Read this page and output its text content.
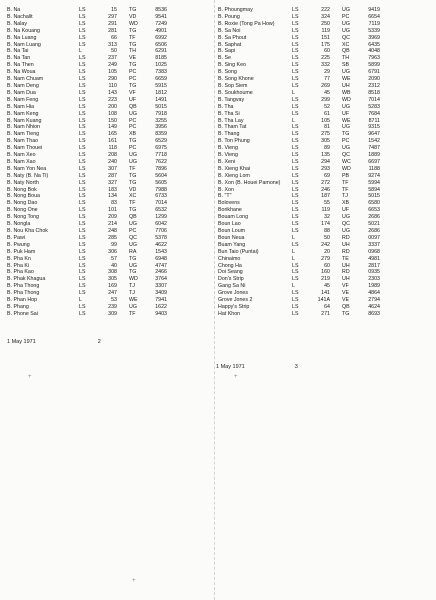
B. Na	LS	15 TG	8536
B. Nachalit	LS	297 VD	9541
B. Nalay	LS	291 WD	7249
B. Na Kouang	LS	281 TG	4901
B. Na Luang	LS	66 TF	6992
B. Nam Luang	LS	313 TG	6506
B. Na Tai	L	50 TH	6291
B. Na Tan	LS	237 VE	8185
B. Na Then	LS	249 TG	1025
B. Na Woua	LS	105 PC	7383
B. Nam Chuam	LS	290 PC	6659
B. Nam Deng	LS	110 TG	5915
B. Nam Dua	LS	143 VF	1812
B. Nam Feng	LS	223 UF	1491
B. Nam Hia	LS	200 QB	5015
B. Nam Keng	LS	108 UG	7918
B. Nam Kuang	LS	150 PC	3255
B. Nam Nhion	LS	149 PC	3956
B. Nam Tieng	LS	165 XB	8359
B. Nam Thao	LS	161 TG	6529
B. Nam Thouei	LS	118 PC	6975
B. Nam Xeo	LS	208 UG	7718
B. Nam Xao	LS	240 UG	7622
B. Nam Yon Nea	LS	307 TF	7896
B. Naty (B. Na Ti)	LS	287 TG	5604
B. Naty North	LS	327 TG	5605
B. Nong Bok	LS	183 VD	7988
B. Nong Boua	LS	134 XC	6733
B. Nong Dao	LS	83 TF	7014
B. Nong One	LS	101 TG	6532
B. Nong Tong	LS	209 QB	1299
B. Nongla	LS	214 UG	6042
B. Nou Kha Chok	LS	248 PC	7706
B. Pawi	LS	285 QC	5378
B. Pwung	LS	99 UG	4622
B. Puk Ham	LS	306 RA	1543
B. Pha Kn	LS	57 TG	6948
B. Pha Ki	LS	40 UG	4747
B. Pha Kao	LS	308 TG	2466
B. Phak Khagua	LS	305 WD	3764
B. Pha Thong	LS	169 TJ	3307
B. Pha Thong	LS	247 TJ	3409
B. Phan Hop	L	53 WE	7941
B. Phang	LS	239 UG	1622
B. Phone Sai	LS	309 TF	9403
B. Phoungmay	LS	222 UG	9419
B. Poung	LS	324 PC	6654
B. Roxie (Tong Pa How)	LS	250 UG	7119
B. Sa Noi	LS	119 UG	5339
B. Sa Phout	LS	151 QC	3969
B. Saphat	LS	175 XC	6435
B. Sapi	LS	60 QB	4048
B. Se	LS	225 TH	7963
B. Sing Keo	LS	332 SB	5899
B. Song	LS	29 UG	6791
B. Song Khone	LS	77 WE	2090
B. Sop Siem	LS	269 UH	2312
B. Soukhoume	L	45 WB	8518
B. Tangvay	LS	299 WD	7014
B. Tha	LS	52 UG	5283
B. Tha Si	LS	61 UF	7684
B. Tha Lay	L	105 WE	8711
B. Tham Tat	LS	81 UG	9315
B. Thang	LS	275 TG	9647
B. Ton Phung	LS	305 PC	1542
B. Vieng	LS	89 UG	7487
B. Vieng	LS	135 QC	1889
B. Xeni	LS	294 WC	6697
B. Xieng Khai	LS	293 WD	1188
B. Xieng Lom	LS	69 PB	9274
B. Xon (B. Houei Pamone) LS	272 TF	5994
B. Xon	LS	246 TF	5894
B. "T"	LS	187 TJ	5015
Bolovens	LS	55 XB	6580
Borikhane	LS	119 UF	6653
Bouam Long	LS	32 UG	2686
Boun Lao	LS	174 QC	5021
Boun Loum	LS	88 UG	2686
Boun Neua	L	50 RD	0097
Buam Yang	LS	242 UH	3337
Bun Taio (Puntai)	L	20 RD	0968
Chinaimo	L	279 TE	4981
Chong Ha	LS	60 UH	2817
Doi Seang	LS	160 RD	0935
Don's Strip	LS	219 UH	2303
Gang Sa Ni	L	45 VF	1989
Grove Jones	LS	141 VE	4864
Grove Jones 2	LS	141A VE	2794
Happy's Strip	LS	64 QB	4624
Hat Khon	LS	271 TG	8693
1 May 1971	2
1 May 1971	3
+	+
+
